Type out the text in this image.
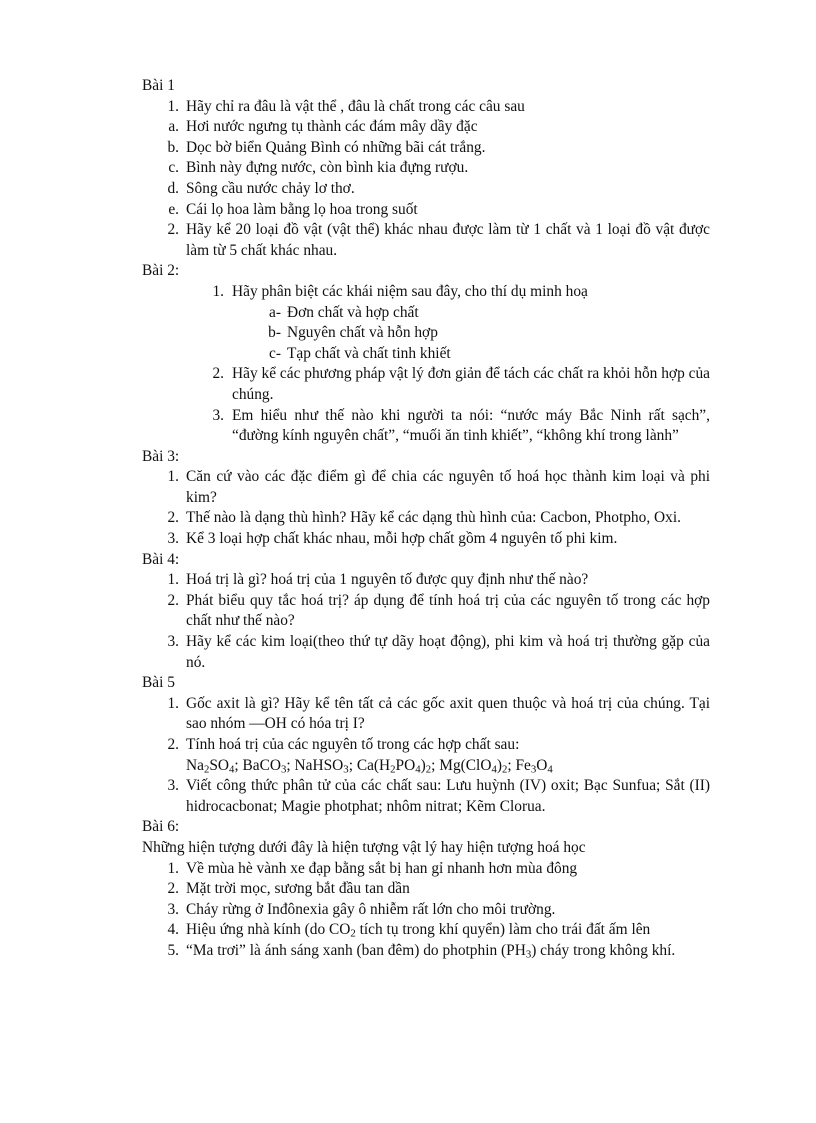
Bài 1

1. Hãy chỉ ra đâu là vật thể , đâu là chất trong các câu sau
a. Hơi nước ngưng tụ thành các đám mây dầy đặc
b. Dọc bờ biển Quảng Bình có những bãi cát trắng.
c. Bình này đựng nước, còn bình kia đựng rượu.
d. Sông cầu nước chảy lơ thơ.
e. Cái lọ hoa làm bằng lọ hoa trong suốt
2. Hãy kể 20 loại đồ vật (vật thể) khác nhau được làm từ 1 chất và 1 loại đồ vật được làm từ 5 chất khác nhau.

Bài 2:

1. Hãy phân biệt các khái niệm sau đây, cho thí dụ minh hoạ
a- Đơn chất và hợp chất
b- Nguyên chất và hỗn hợp
c- Tạp chất và chất tinh khiết
2. Hãy kể các phương pháp vật lý đơn giản để tách các chất ra khỏi hỗn hợp của chúng.
3. Em hiểu như thế nào khi người ta nói: “nước máy Bắc Ninh rất sạch”, “đường kính nguyên chất”, “muối ăn tinh khiết”, “không khí trong lành”

Bài 3:

1. Căn cứ vào các đặc điểm gì để chia các nguyên tố hoá học thành kim loại và phi kim?
2. Thế nào là dạng thù hình? Hãy kể các dạng thù hình của: Cacbon, Photpho, Oxi.
3. Kể 3 loại hợp chất khác nhau, mỗi hợp chất gồm 4 nguyên tố phi kim.

Bài 4:

1. Hoá trị là gì? hoá trị của 1 nguyên tố được quy định như thế nào?
2. Phát biểu quy tắc hoá trị? áp dụng để tính hoá trị của các nguyên tố trong các hợp chất như thế nào?
3. Hãy kể các kim loại(theo thứ tự dãy hoạt động), phi kim và hoá trị thường gặp của nó.

Bài 5

1. Gốc axit là gì? Hãy kể tên tất cả các gốc axit quen thuộc và hoá trị của chúng. Tại sao nhóm —OH có hóa trị I?
2. Tính hoá trị của các nguyên tố trong các hợp chất sau:
$Na_2SO_4$; BaCO$_3$; NaHSO$_3$; $Ca(H_2PO_4)_2$; $Mg(ClO_4)_2$; $Fe_3O_4$
3. Viết công thức phân tử của các chất sau: Lưu huỳnh (IV) oxit; Bạc Sunfua; Sắt (II) hidrocacbonat; Magie photphat; nhôm nitrat; Kẽm Clorua.

Bài 6:

Những hiện tượng dưới đây là hiện tượng vật lý hay hiện tượng hoá học

1. Về mùa hè vành xe đạp bằng sắt bị han gỉ nhanh hơn mùa đông
2. Mặt trời mọc, sương bắt đầu tan dần
3. Cháy rừng ở Inđônexia gây ô nhiễm rất lớn cho môi trường.
4. Hiệu ứng nhà kính (do $CO_2$ tích tụ trong khí quyển) làm cho trái đất ấm lên
5. “Ma trơi” là ánh sáng xanh (ban đêm) do photphin $(PH_3)$ cháy trong không khí.
